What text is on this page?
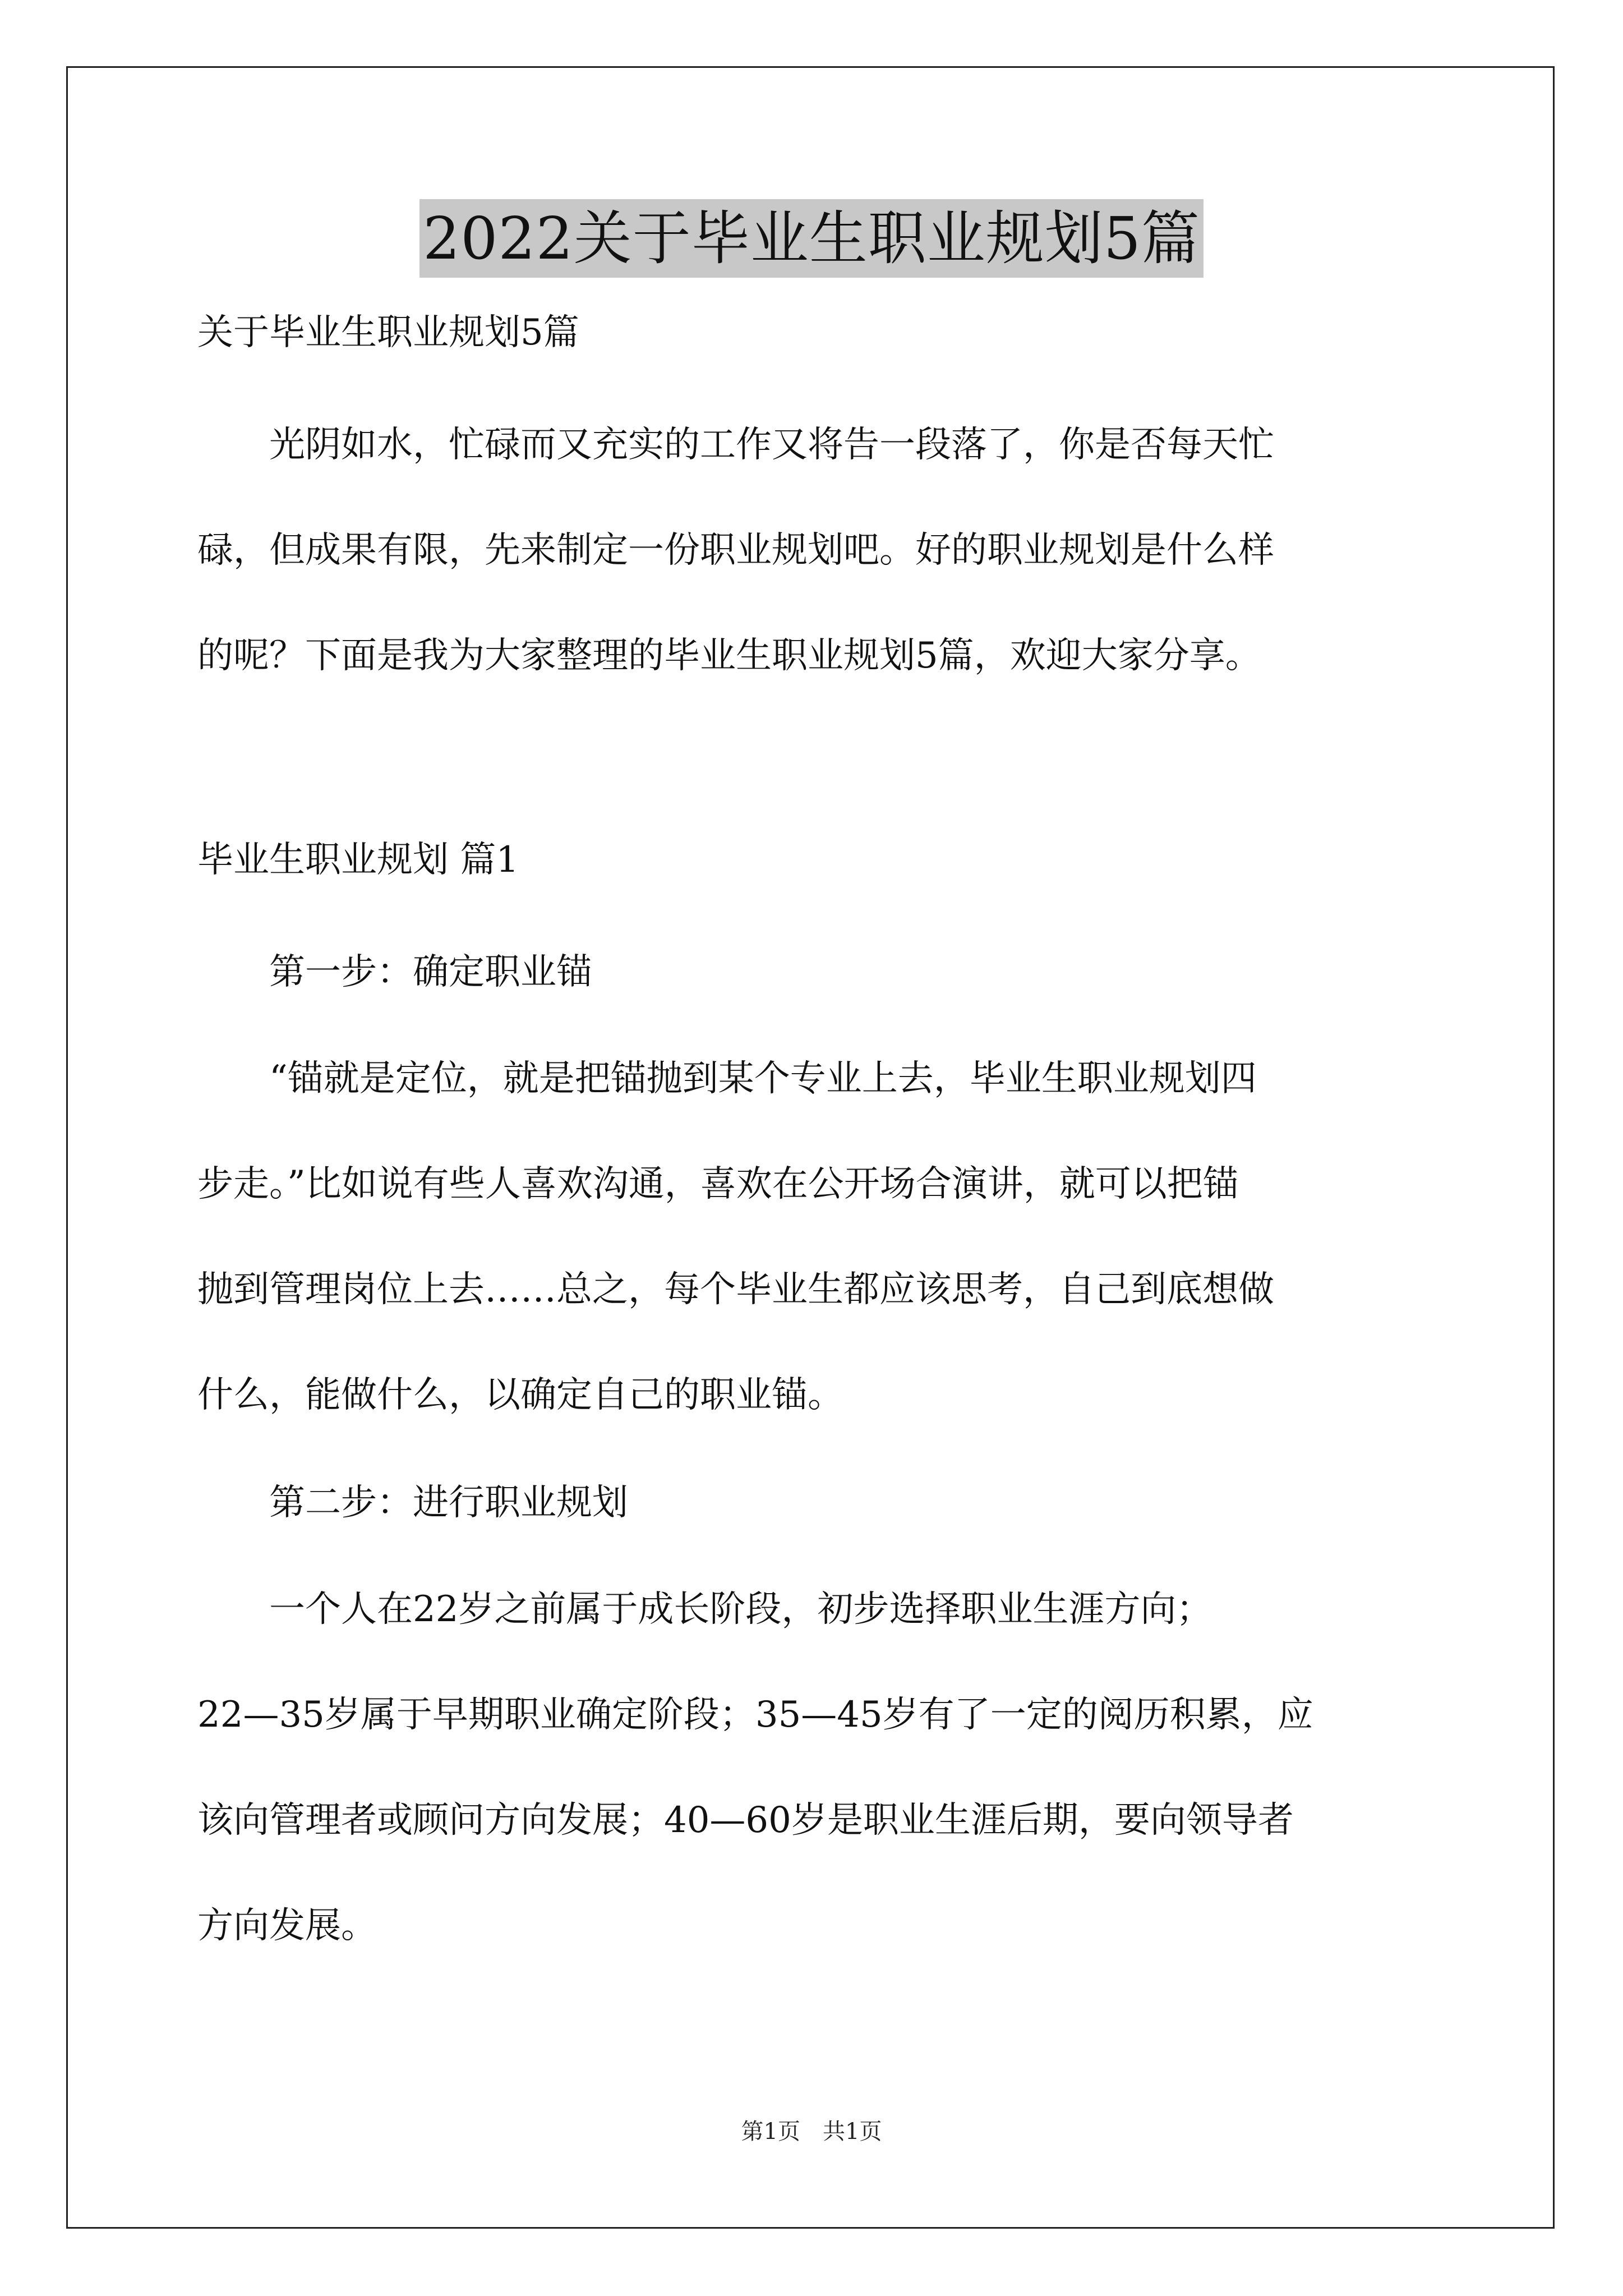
2022关于毕业生职业规划5篇
关于毕业生职业规划5篇
　　光阴如水，忙碌而又充实的工作又将告一段落了，你是否每天忙
碌，但成果有限，先来制定一份职业规划吧。好的职业规划是什么样
的呢？下面是我为大家整理的毕业生职业规划5篇，欢迎大家分享。
毕业生职业规划 篇1
　　第一步：确定职业锚
　　“锚就是定位，就是把锚抛到某个专业上去，毕业生职业规划四
步走。”比如说有些人喜欢沟通，喜欢在公开场合演讲，就可以把锚
抛到管理岗位上去……总之，每个毕业生都应该思考，自己到底想做
什么，能做什么，以确定自己的职业锚。
　　第二步：进行职业规划
　　一个人在22岁之前属于成长阶段，初步选择职业生涯方向；
22—35岁属于早期职业确定阶段；35—45岁有了一定的阅历积累，应
该向管理者或顾问方向发展；40—60岁是职业生涯后期，要向领导者
方向发展。
第1页　共1页
